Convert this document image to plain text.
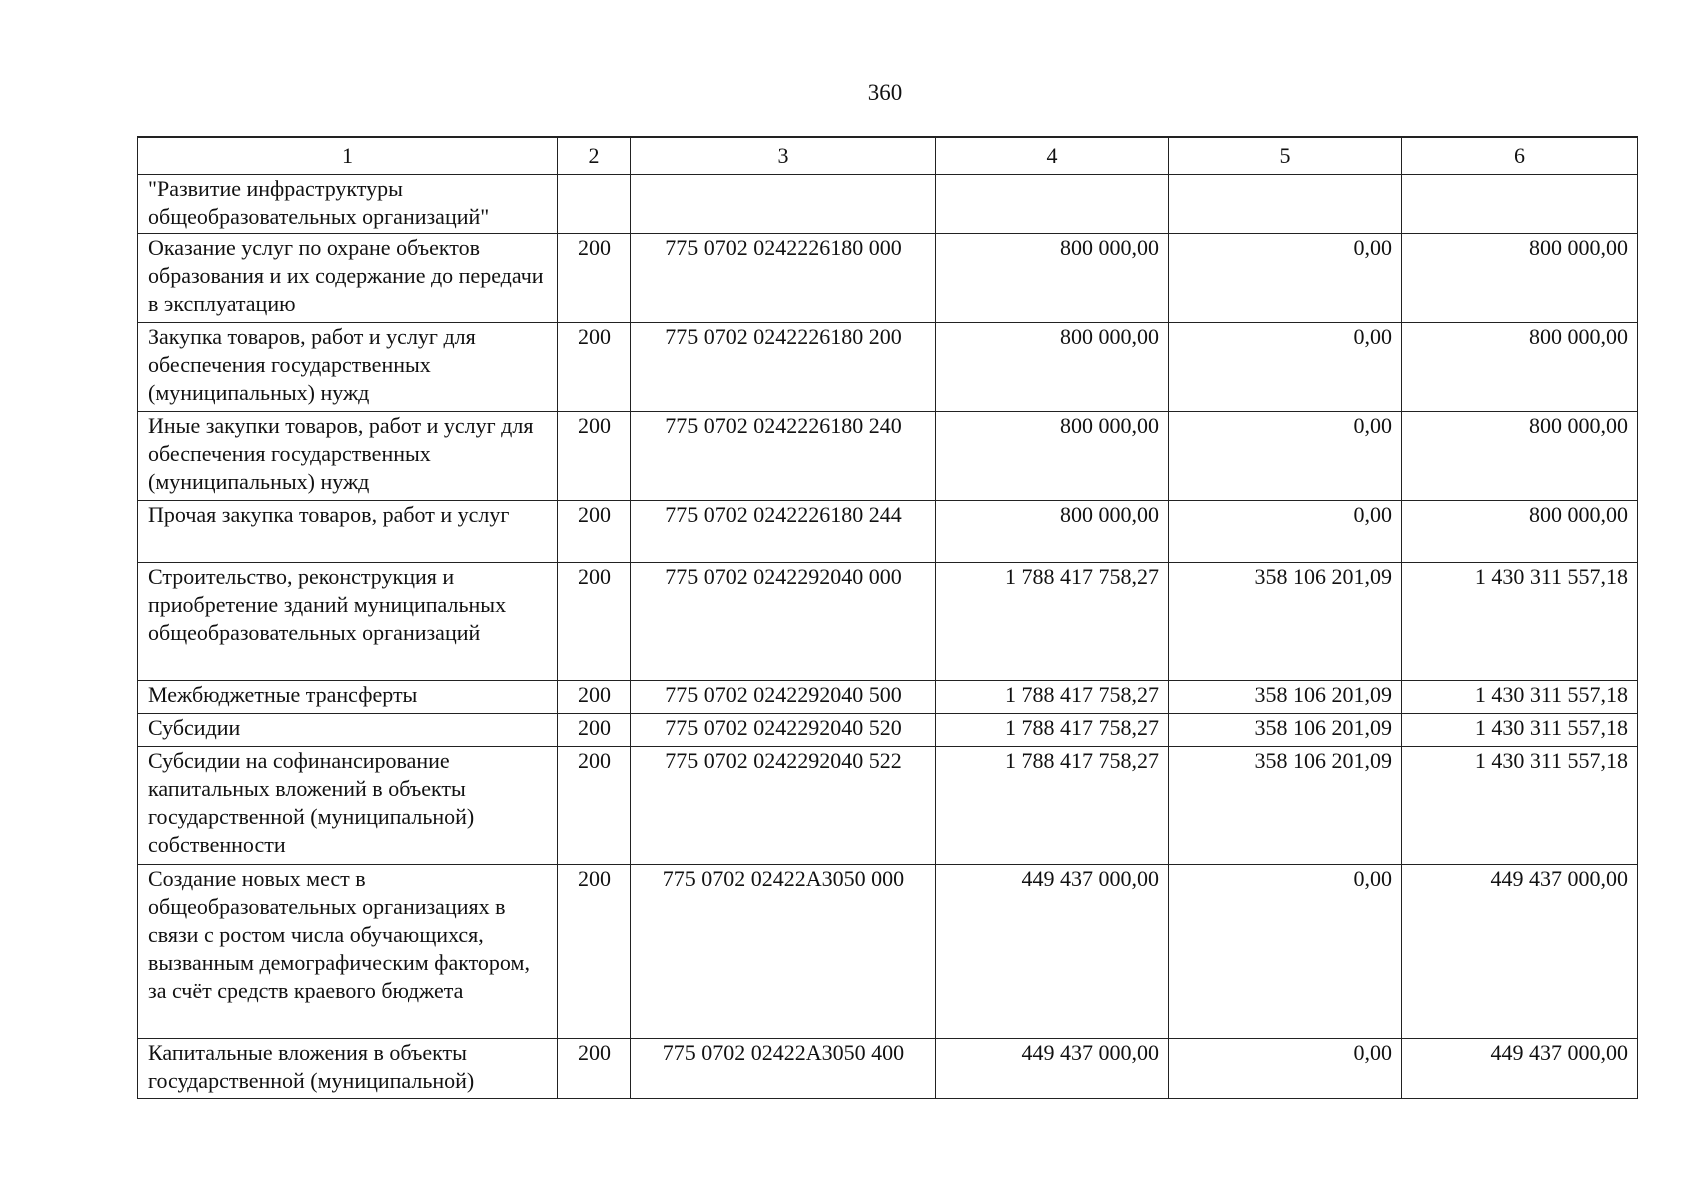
360
1	2	3	4	5	6
"Развитие инфраструктуры общеобразовательных организаций"					
Оказание услуг по охране объектов образования и их содержание до передачи в эксплуатацию	200	775 0702 0242226180 000	800 000,00	0,00	800 000,00
Закупка товаров, работ и услуг для обеспечения государственных (муниципальных) нужд	200	775 0702 0242226180 200	800 000,00	0,00	800 000,00
Иные закупки товаров, работ и услуг для обеспечения государственных (муниципальных) нужд	200	775 0702 0242226180 240	800 000,00	0,00	800 000,00
Прочая закупка товаров, работ и услуг	200	775 0702 0242226180 244	800 000,00	0,00	800 000,00
Строительство, реконструкция и приобретение зданий муниципальных общеобразовательных организаций	200	775 0702 0242292040 000	1 788 417 758,27	358 106 201,09	1 430 311 557,18
Межбюджетные трансферты	200	775 0702 0242292040 500	1 788 417 758,27	358 106 201,09	1 430 311 557,18
Субсидии	200	775 0702 0242292040 520	1 788 417 758,27	358 106 201,09	1 430 311 557,18
Субсидии на софинансирование капитальных вложений в объекты государственной (муниципальной) собственности	200	775 0702 0242292040 522	1 788 417 758,27	358 106 201,09	1 430 311 557,18
Создание новых мест в общеобразовательных организациях в связи с ростом числа обучающихся, вызванным демографическим фактором, за счёт средств краевого бюджета	200	775 0702 02422А3050 000	449 437 000,00	0,00	449 437 000,00
Капитальные вложения в объекты государственной (муниципальной)	200	775 0702 02422А3050 400	449 437 000,00	0,00	449 437 000,00
